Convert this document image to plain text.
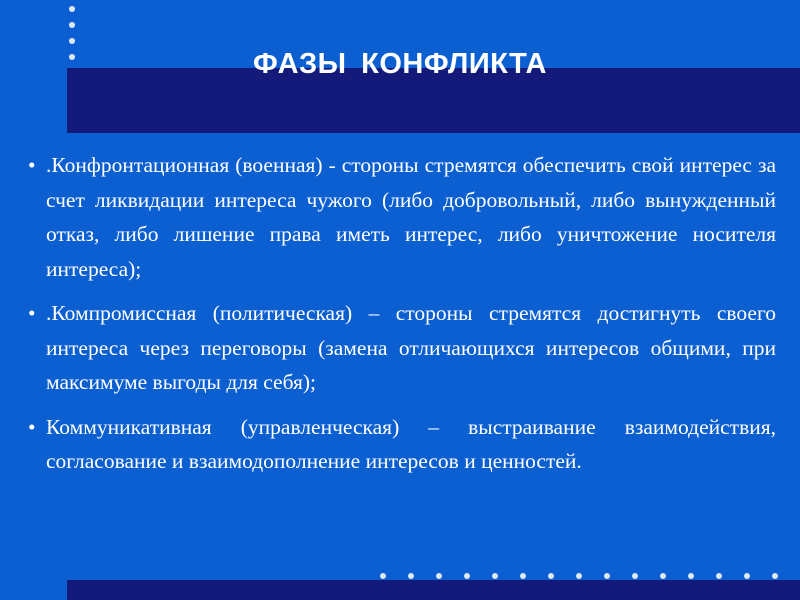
ФАЗЫ КОНФЛИКТА
• .Конфронтационная (военная) - стороны стремятся обеспечить свой интерес за счет ликвидации интереса чужого (либо добровольный, либо вынужденный отказ, либо лишение права иметь интерес, либо уничтожение носителя интереса);
• .Компромиссная (политическая) – стороны стремятся достигнуть своего интереса через переговоры (замена отличающихся интересов общими, при максимуме выгоды для себя);
• Коммуникативная (управленческая) – выстраивание взаимодействия, согласование и взаимодополнение интересов и ценностей.
